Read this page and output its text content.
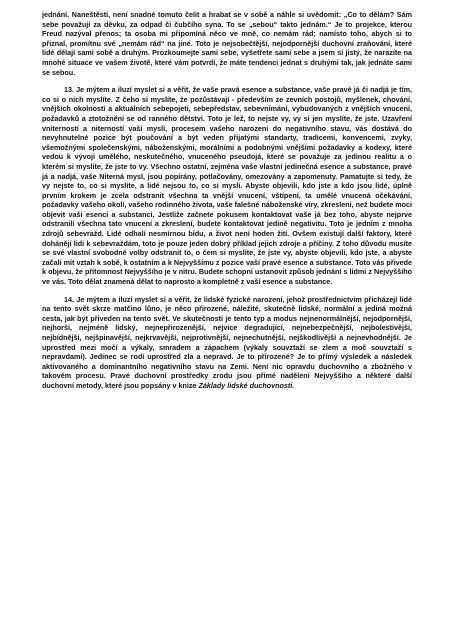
jednání. Naneštěstí, není snadné tomuto čelit a hrabat se v sobě a náhle si uvědomit: „Co to dělám? Sám sebe považuji za děvku, za odpad či čubčího syna. To se „sebou“ takto jednám.“ Je to projekce, kterou Freud nazýval přenos; ta osoba mi připomíná něco ve mně, co nemám rád; namísto toho, abych si to přiznal, promítnu své „nemám rád“ na jiné. Toto je nejsobečtější, nejodpornější duchovní zraňování, které lidé dělají sami sobě a druhým. Prozkoumejte sami sebe, vyšetřete sami sebe a jsem si jistý, že narazíte na mnohé situace ve vašem životě, které vám potvrdí, že máte tendenci jednat s druhými tak, jak jednáte sami se sebou.

13. Je mýtem a iluzí myslet si a věřit, že vaše pravá esence a substance, vaše pravé já či nadjá je tím, co si o nich myslíte. Z čeho si myslíte, že pozůstávají - především ze zevních postojů, myšlenek, chování, vnějších okolností a aktuálních sebepojetí, sebepředstav, sebevnímání, vybudovaných z vnějších vnucení, požadavků a ztotožnění se od ranného dětství. Toto je lež, to nejste vy, vy si jen myslíte, že jste. Uzavření vniterností a niterností vaší mysli, procesem vašeho narození do negativního stavu, vás dostává do nevyhnutelné pozice být poučování a být veden přijatými standarty, tradicemi, konvencemi, zvyky, všemožnými společenskými, náboženskými, morálními a podobnými vnějšími požadavky a kodexy, které vedou k vývoji umělého, neskutečného, vnuceného pseudojá, které se považuje za jedinou realitu a o kterém si myslíte, že jste to vy. Všechno ostatní, zejména vaše vlastní jedinečná esence a substance, pravé já a nadjá, vaše Niterná mysl, jsou popírány, potlačovány, omezovány a zapomenuty. Pamatujte si tedy, že vy nejste to, co si myslíte, a lidé nejsou to, co si myslí. Abyste objevili, kdo jste a kdo jsou lidé, úplně prvním krokem je zcela odstranit všechna ta vnější vnucení, vštípení, ta umělé vnucená očekávání, požadavky vašeho okolí, vašeho rodinného života, vaše falešné náboženské víry, zkreslení, než budete moci objevit vaši esenci a substanci. Jestliže začnete pokusem kontaktovat vaše já bez toho, abyste nejprve odstranili všechna tato vnucení a zkreslení, budete kontaktovat jedině negativitu. Toto je jedním z mnoha zdrojů sebevražd. Lidé odhalí nesmírnou bídu, a život není hoden žití. Ovšem existují další faktory, které dohánějí lidi k sebevraždám, toto je pouze jeden dobrý příklad jejich zdroje a příčiny. Z toho důvodu musíte se své vlastní svobodné volby odstranit to, o čem si myslíte, že jste vy, abyste objevili, kdo jste, a abyste začali mít vztah k sobě, k ostatním a k Nejvyššímu z pozice vaší pravé esence a substance. Toto vás přivede k objevu, že přítomnost Nejvyššího je v nitru. Budete schopni ustanovit způsob jednání s lidmi z Nejvyššího ve vás. Toto dělat znamená dělat to naprosto a kompletně z vaší esence a substance.

14. Je mýtem a iluzí myslet si a věřit, že lidské fyzické narození, jehož prostřednictvím přicházejí lidé na tento svět skrze matčino lůno, je něco přirozené, náležité, skutečně lidské, normální a jediná možná cesta, jak být přiveden na tento svět. Ve skutečnosti je tento typ a modus nejnenormálnější, nejodpornější, nejhorší, nejméně lidský, nejnepřirozenější, nejvíce degradující, nejnebezpečnější, nejbolestivější, nejbídnější, nejšpinavější, nejkrvavější, nejprotivnější, nejnechutnější, nejškodlivější a nejnevhodnější. Je uprostřed mezi močí a výkaly, smradem a zápachem (výkaly souvztaží se zlem a moč souvztaží s nepravdami). Jedinec se rodí uprostřed zla a nepravd. Je to přirozené? Je to přímý výsledek a následek aktivovaného a dominantního negativního stavu na Zemi. Není nic opravdu duchovního a zbožného v takovém procesu. Pravé duchovní prostředky zrodu jsou přímé nadělení Nejvyššího a některé další duchovní metody, které jsou popsány v knize Základy lidské duchovnosti.
